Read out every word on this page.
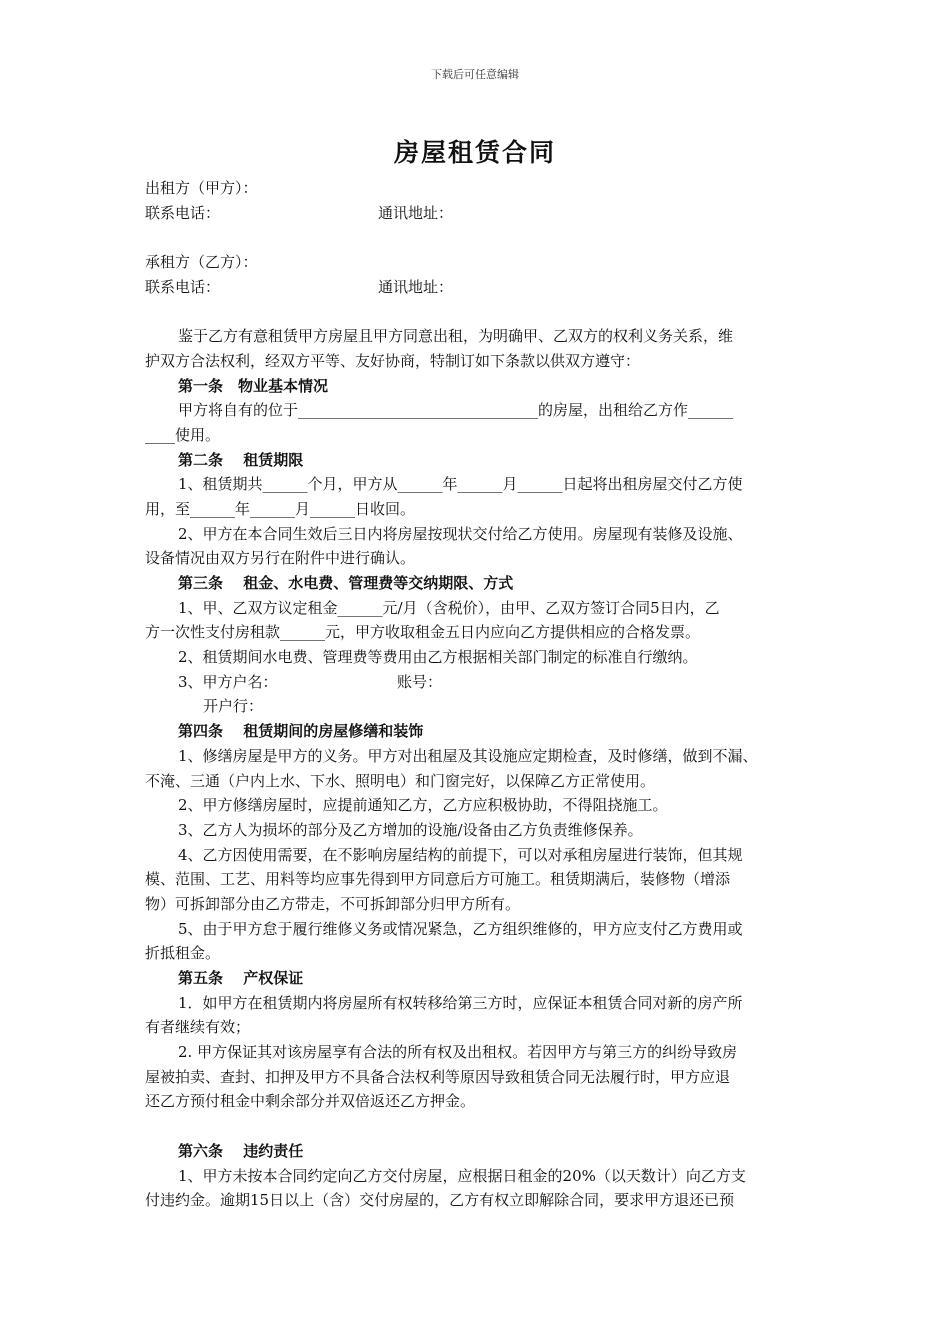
下载后可任意编辑
房屋租赁合同
出租方（甲方）：
联系电话：	通讯地址：
承租方（乙方）：
联系电话：	通讯地址：
鉴于乙方有意租赁甲方房屋且甲方同意出租，为明确甲、乙双方的权利义务关系，维
护双方合法权利，经双方平等、友好协商，特制订如下条款以供双方遵守：
第一条　物业基本情况
甲方将自有的位于________________________________的房屋，出租给乙方作______
____使用。
第二条　 租赁期限
1、租赁期共______个月，甲方从______年______月______日起将出租房屋交付乙方使
用，至______年______月______日收回。
2、甲方在本合同生效后三日内将房屋按现状交付给乙方使用。房屋现有装修及设施、
设备情况由双方另行在附件中进行确认。
第三条　 租金、水电费、管理费等交纳期限、方式
1、甲、乙双方议定租金______元/月（含税价），由甲、乙双方签订合同5日内，乙
方一次性支付房租款______元，甲方收取租金五日内应向乙方提供相应的合格发票。
2、租赁期间水电费、管理费等费用由乙方根据相关部门制定的标准自行缴纳。
3、甲方户名：	账号：
开户行：
第四条　 租赁期间的房屋修缮和装饰
1、修缮房屋是甲方的义务。甲方对出租屋及其设施应定期检查，及时修缮，做到不漏、
不淹、三通（户内上水、下水、照明电）和门窗完好，以保障乙方正常使用。
2、甲方修缮房屋时，应提前通知乙方，乙方应积极协助，不得阻挠施工。
3、乙方人为损坏的部分及乙方增加的设施/设备由乙方负责维修保养。
4、乙方因使用需要，在不影响房屋结构的前提下，可以对承租房屋进行装饰，但其规
模、范围、工艺、用料等均应事先得到甲方同意后方可施工。租赁期满后，装修物（增添
物）可拆卸部分由乙方带走，不可拆卸部分归甲方所有。
5、由于甲方怠于履行维修义务或情况紧急，乙方组织维修的，甲方应支付乙方费用或
折抵租金。
第五条　 产权保证
1．如甲方在租赁期内将房屋所有权转移给第三方时，应保证本租赁合同对新的房产所
有者继续有效；
2. 甲方保证其对该房屋享有合法的所有权及出租权。若因甲方与第三方的纠纷导致房
屋被拍卖、查封、扣押及甲方不具备合法权利等原因导致租赁合同无法履行时，甲方应退
还乙方预付租金中剩余部分并双倍返还乙方押金。
第六条　 违约责任
1、甲方未按本合同约定向乙方交付房屋，应根据日租金的20%（以天数计）向乙方支
付违约金。逾期15日以上（含）交付房屋的，乙方有权立即解除合同，要求甲方退还已预
